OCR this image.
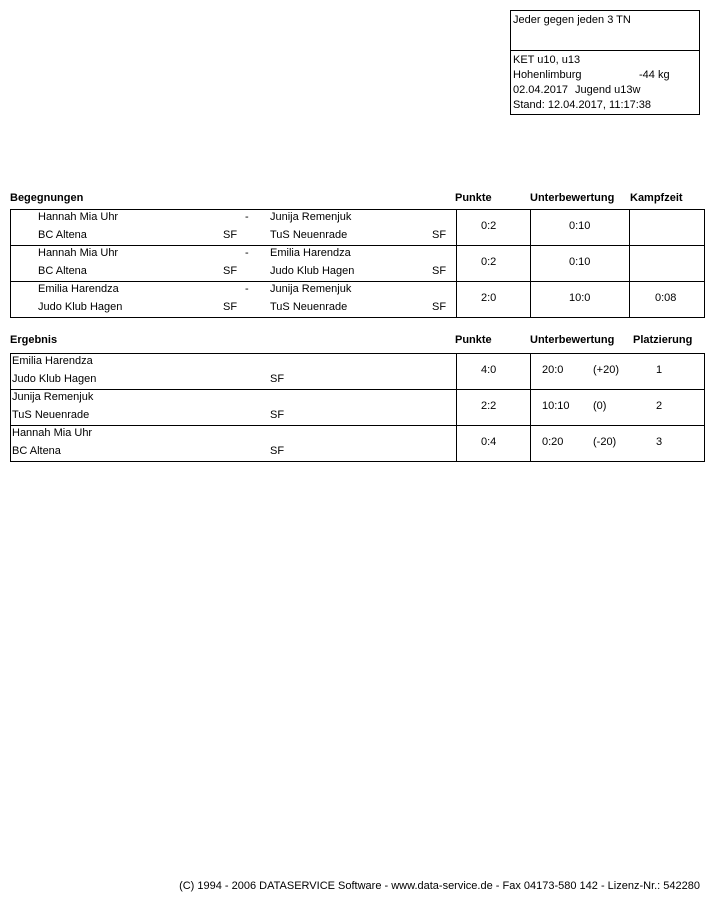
Jeder gegen jeden 3 TN
KET u10, u13
Hohenlimburg	-44 kg
02.04.2017 Jugend u13w
Stand: 12.04.2017, 11:17:38
Begegnungen	Punkte	Unterbewertung Kampfzeit
Hannah Mia Uhr	- Junija Remenjuk
BC Altena	SF	TuS Neuenrade	SF
0:2	0:10
Hannah Mia Uhr	- Emilia Harendza
BC Altena	SF	Judo Klub Hagen	SF
0:2	0:10
Emilia Harendza	- Junija Remenjuk
Judo Klub Hagen	SF	TuS Neuenrade	SF
2:0	10:0	0:08
Ergebnis	Punkte	Unterbewertung Platzierung
Emilia Harendza
Judo Klub Hagen	SF
4:0	20:0	(+20)	1
Junija Remenjuk
TuS Neuenrade	SF
2:2	10:10 (0)	2
Hannah Mia Uhr
BC Altena	SF
0:4	0:20	(-20)	3
(C) 1994 - 2006 DATASERVICE Software - www.data-service.de - Fax 04173-580 142 - Lizenz-Nr.: 542280
